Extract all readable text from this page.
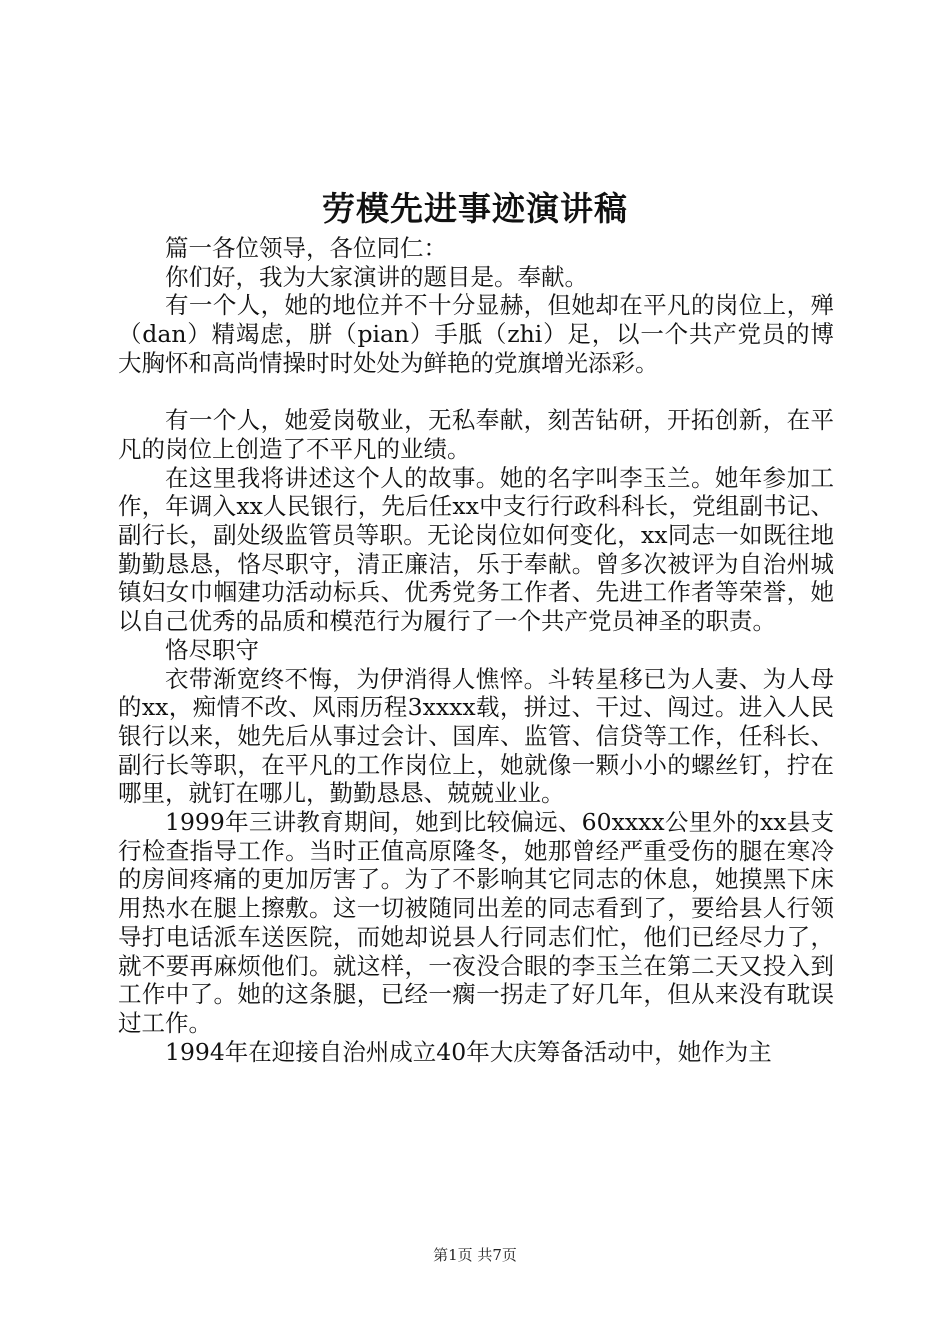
劳模先进事迹演讲稿

篇一各位领导，各位同仁：

你们好，我为大家演讲的题目是。奉献。

有一个人，她的地位并不十分显赫，但她却在平凡的岗位上，殚（dan）精竭虑，胼（pian）手胝（zhi）足，以一个共产党员的博大胸怀和高尚情操时时处处为鲜艳的党旗增光添彩。

有一个人，她爱岗敬业，无私奉献，刻苦钻研，开拓创新，在平凡的岗位上创造了不平凡的业绩。

在这里我将讲述这个人的故事。她的名字叫李玉兰。她年参加工作，年调入xx人民银行，先后任xx中支行行政科科长，党组副书记、副行长，副处级监管员等职。无论岗位如何变化，xx同志一如既往地勤勤恳恳，恪尽职守，清正廉洁，乐于奉献。曾多次被评为自治州城镇妇女巾帼建功活动标兵、优秀党务工作者、先进工作者等荣誉，她以自己优秀的品质和模范行为履行了一个共产党员神圣的职责。

恪尽职守

衣带渐宽终不悔，为伊消得人憔悴。斗转星移已为人妻、为人母的xx，痴情不改、风雨历程3xxxx载，拼过、干过、闯过。进入人民银行以来，她先后从事过会计、国库、监管、信贷等工作，任科长、副行长等职，在平凡的工作岗位上，她就像一颗小小的螺丝钉，拧在哪里，就钉在哪儿，勤勤恳恳、兢兢业业。

1999年三讲教育期间，她到比较偏远、60xxxx公里外的xx县支行检查指导工作。当时正值高原隆冬，她那曾经严重受伤的腿在寒冷的房间疼痛的更加厉害了。为了不影响其它同志的休息，她摸黑下床用热水在腿上擦敷。这一切被随同出差的同志看到了，要给县人行领导打电话派车送医院，而她却说县人行同志们忙，他们已经尽力了，就不要再麻烦他们。就这样，一夜没合眼的李玉兰在第二天又投入到工作中了。她的这条腿，已经一瘸一拐走了好几年，但从来没有耽误过工作。

1994年在迎接自治州成立40年大庆筹备活动中，她作为主

第1页 共7页
